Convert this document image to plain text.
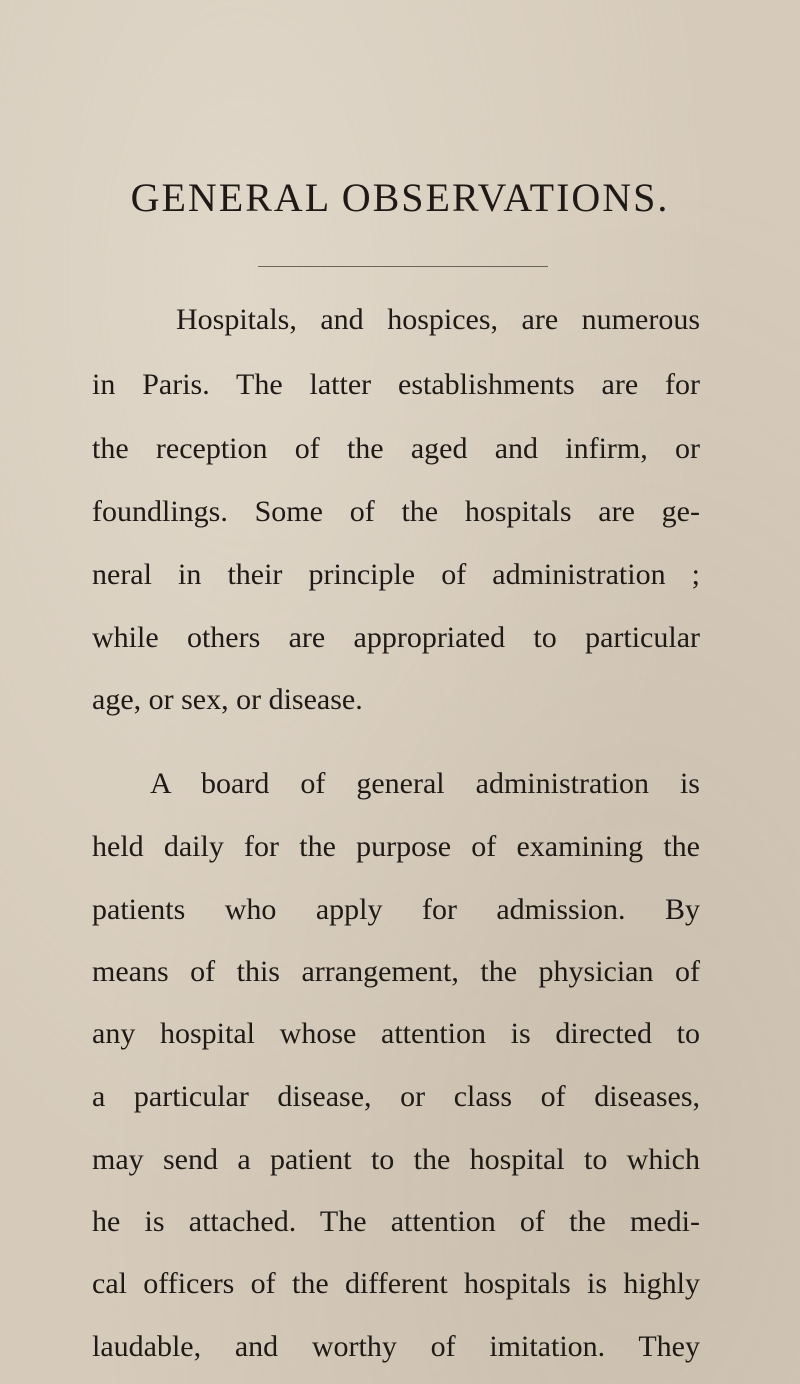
GENERAL OBSERVATIONS.
Hospitals, and hospices, are numerous
in Paris. The latter establishments are for
the reception of the aged and infirm, or
foundlings. Some of the hospitals are ge-
neral in their principle of administration ;
while others are appropriated to particular
age, or sex, or disease.
A board of general administration is
held daily for the purpose of examining the
patients who apply for admission. By
means of this arrangement, the physician of
any hospital whose attention is directed to
a particular disease, or class of diseases,
may send a patient to the hospital to which
he is attached. The attention of the medi-
cal officers of the different hospitals is highly
laudable, and worthy of imitation. They
